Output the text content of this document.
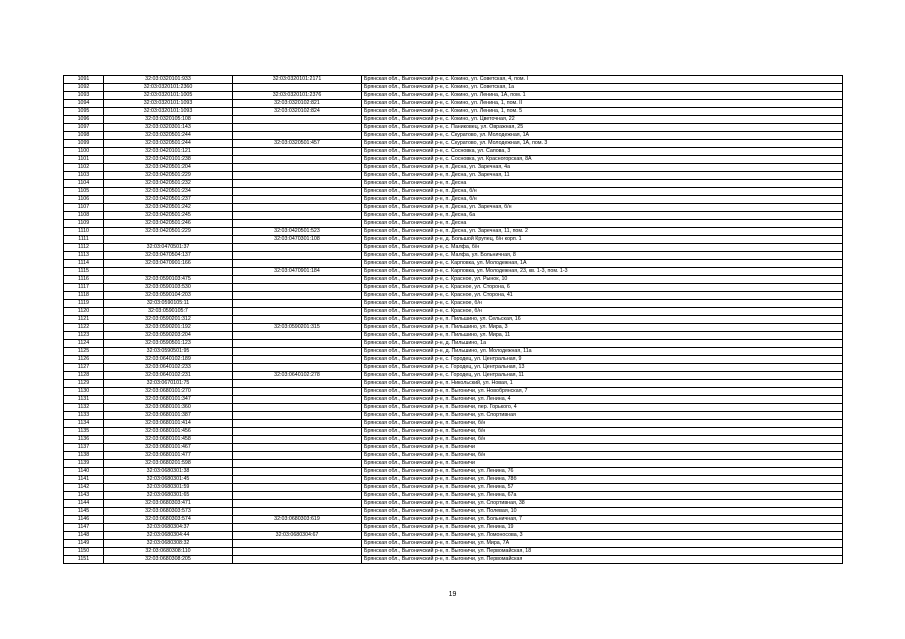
1091	32:03:0320101:933	32:03:0320101:2171	Брянская обл., Выгоничский р-н, с. Кокино, ул. Советская, 4, пом. I
1092	32:03:0320101:2360		Брянская обл., Выгоничский р-н, с. Кокино, ул. Советская, 1а
1093	32:03:0320101:1005	32:03:0320101:2376	Брянская обл., Выгоничский р-н, с. Кокино, ул. Ленина, 1А, пом. 1
1094	32:03:0320101:1093	32:03:0320102:821	Брянская обл., Выгоничский р-н, с. Кокино, ул. Ленина, 1, пом. II
1095	32:03:0320101:1093	32:03:0320102:824	Брянская обл., Выгоничский р-н, с. Кокино, ул. Ленина, 1, пом. 5
1096	32:03:0320105:108		Брянская обл., Выгоничский р-н, с. Кокино, ул. Цветочная, 22
1097	32:03:0320301:143		Брянская обл., Выгоничский р-н, с. Паниковец, ул. Овражная, 25
1098	32:03:0320501:244		Брянская обл., Выгоничский р-н, с. Скуратово, ул. Молодежная, 1А
1099	32:03:0320501:244	32:03:0320501:457	Брянская обл., Выгоничский р-н, с. Скуратово, ул. Молодежная, 1А, пом. 3
1100	32:03:0420101:121		Брянская обл., Выгоничский р-н, с. Сосновка, ул. Сапова, 3
1101	32:03:0420101:238		Брянская обл., Выгоничский р-н, с. Сосновка, ул. Красногорская, 8А
1102	32:03:0420501:204		Брянская обл., Выгоничский р-н, п. Десна, ул. Заречная, 4а
1103	32:03:0420501:229		Брянская обл., Выгоничский р-н, п. Десна, ул. Заречная, 11
1104	32:03:0420501:232		Брянская обл., Выгоничский р-н, п. Десна
1105	32:03:0420501:234		Брянская обл., Выгоничский р-н, п. Десна, б/н
1106	32:03:0420501:237		Брянская обл., Выгоничский р-н, п. Десна, б/н
1107	32:03:0420501:242		Брянская обл., Выгоничский р-н, п. Десна, ул. Заречная, б/н
1108	32:03:0420501:245		Брянская обл., Выгоничский р-н, п. Десна, 6а
1109	32:03:0420501:246		Брянская обл., Выгоничский р-н, п. Десна
1110	32:03:0420501:229	32:03:0420501:523	Брянская обл., Выгоничский р-н, п. Десна, ул. Заречная, 11, пом. 2
1111		32:03:0470301:108	Брянская обл., Выгоничский р-н, д. Большой Крупец, б/н корп. 1
1112	32:03:0470501:37		Брянская обл., Выгоничский р-н, с. Малфа, б/н
1113	32:03:0470504:137		Брянская обл., Выгоничский р-н, с. Малфа, ул. Больничная, 8
1114	32:03:0470901:166		Брянская обл., Выгоничский р-н, с. Карповка, ул. Молодежная, 1А
1115		32:03:0470901:184	Брянская обл., Выгоничский р-н, с. Карповка, ул. Молодежная, 23, кв. 1-3, пом. 1-3
1116	32:03:0590103:475		Брянская обл., Выгоничский р-н, с. Красное, ул. Рынок, 10
1117	32:03:0590103:530		Брянская обл., Выгоничский р-н, с. Красное, ул. Сторона, 6
1118	32:03:0590104:203		Брянская обл., Выгоничский р-н, с. Красное, ул. Сторона, 41
1119	32:03:0590105:11		Брянская обл., Выгоничский р-н, с. Красное, б/н
1120	32:03:0590105:7		Брянская обл., Выгоничский р-н, с. Красное, б/н
1121	32:03:0590201:312		Брянская обл., Выгоничский р-н, п. Пильшино, ул. Сельская, 16
1122	32:03:0590201:192	32:03:0590201:315	Брянская обл., Выгоничский р-н, п. Пильшино, ул. Мира, 3
1123	32:03:0590203:204		Брянская обл., Выгоничский р-н, п. Пильшино, ул. Мира, 11
1124	32:03:0590501:123		Брянская обл., Выгоничский р-н, д. Пильшино, 1а
1125	32:03:0590501:95		Брянская обл., Выгоничский р-н, д. Пильшино, ул. Молодежная, 11а
1126	32:03:0640102:189		Брянская обл., Выгоничский р-н, с. Городец, ул. Центральная, 9
1127	32:03:0640102:233		Брянская обл., Выгоничский р-н, с. Городец, ул. Центральная, 13
1128	32:03:0640102:231	32:03:0640102:278	Брянская обл., Выгоничский р-н, с. Городец, ул. Центральная, 11
1129	32:03:0670101:75		Брянская обл., Выгоничский р-н, п. Никольский, ул. Новая, 1
1130	32:03:0680101:270		Брянская обл., Выгоничский р-н, п. Выгоничи, ул. Новобрянская, 7
1131	32:03:0680101:347		Брянская обл., Выгоничский р-н, п. Выгоничи, ул. Ленина, 4
1132	32:03:0680101:360		Брянская обл., Выгоничский р-н, п. Выгоничи, пер. Горького, 4
1133	32:03:0680101:387		Брянская обл., Выгоничский р-н, п. Выгоничи, ул. Спортивная
1134	32:03:0680101:414		Брянская обл., Выгоничский р-н, п. Выгоничи, б/н
1135	32:03:0680101:456		Брянская обл., Выгоничский р-н, п. Выгоничи, б/н
1136	32:03:0680101:458		Брянская обл., Выгоничский р-н, п. Выгоничи, б/н
1137	32:03:0680101:467		Брянская обл., Выгоничский р-н, п. Выгоничи
1138	32:03:0680101:477		Брянская обл., Выгоничский р-н, п. Выгоничи, б/н
1139	32:03:0680201:598		Брянская обл., Выгоничский р-н, п. Выгоничи
1140	32:03:0680301:38		Брянская обл., Выгоничский р-н, п. Выгоничи, ул. Ленина, 76
1141	32:03:0680301:45		Брянская обл., Выгоничский р-н, п. Выгоничи, ул. Ленина, 78б
1142	32:03:0680301:59		Брянская обл., Выгоничский р-н, п. Выгоничи, ул. Ленина, 57
1143	32:03:0680301:65		Брянская обл., Выгоничский р-н, п. Выгоничи, ул. Ленина, 67а
1144	32:03:0680303:471		Брянская обл., Выгоничский р-н, п. Выгоничи, ул. Спортивная, 38
1145	32:03:0680303:573		Брянская обл., Выгоничский р-н, п. Выгоничи, ул. Полевая, 10
1146	32:03:0680303:574	32:03:0680303:619	Брянская обл., Выгоничский р-н, п. Выгоничи, ул. Больничная, 7
1147	32:03:0680304:37		Брянская обл., Выгоничский р-н, п. Выгоничи, ул. Ленина, 19
1148	32:03:0680304:44	32:03:0680304:67	Брянская обл., Выгоничский р-н, п. Выгоничи, ул. Ломоносова, 3
1149	32:03:0680308:32		Брянская обл., Выгоничский р-н, п. Выгоничи, ул. Мира, 7А
1150	32:03:0680308:110		Брянская обл., Выгоничский р-н, п. Выгоничи, ул. Первомайская, 18
1151	32:03:0680308:205		Брянская обл., Выгоничский р-н, п. Выгоничи, ул. Первомайская
19
